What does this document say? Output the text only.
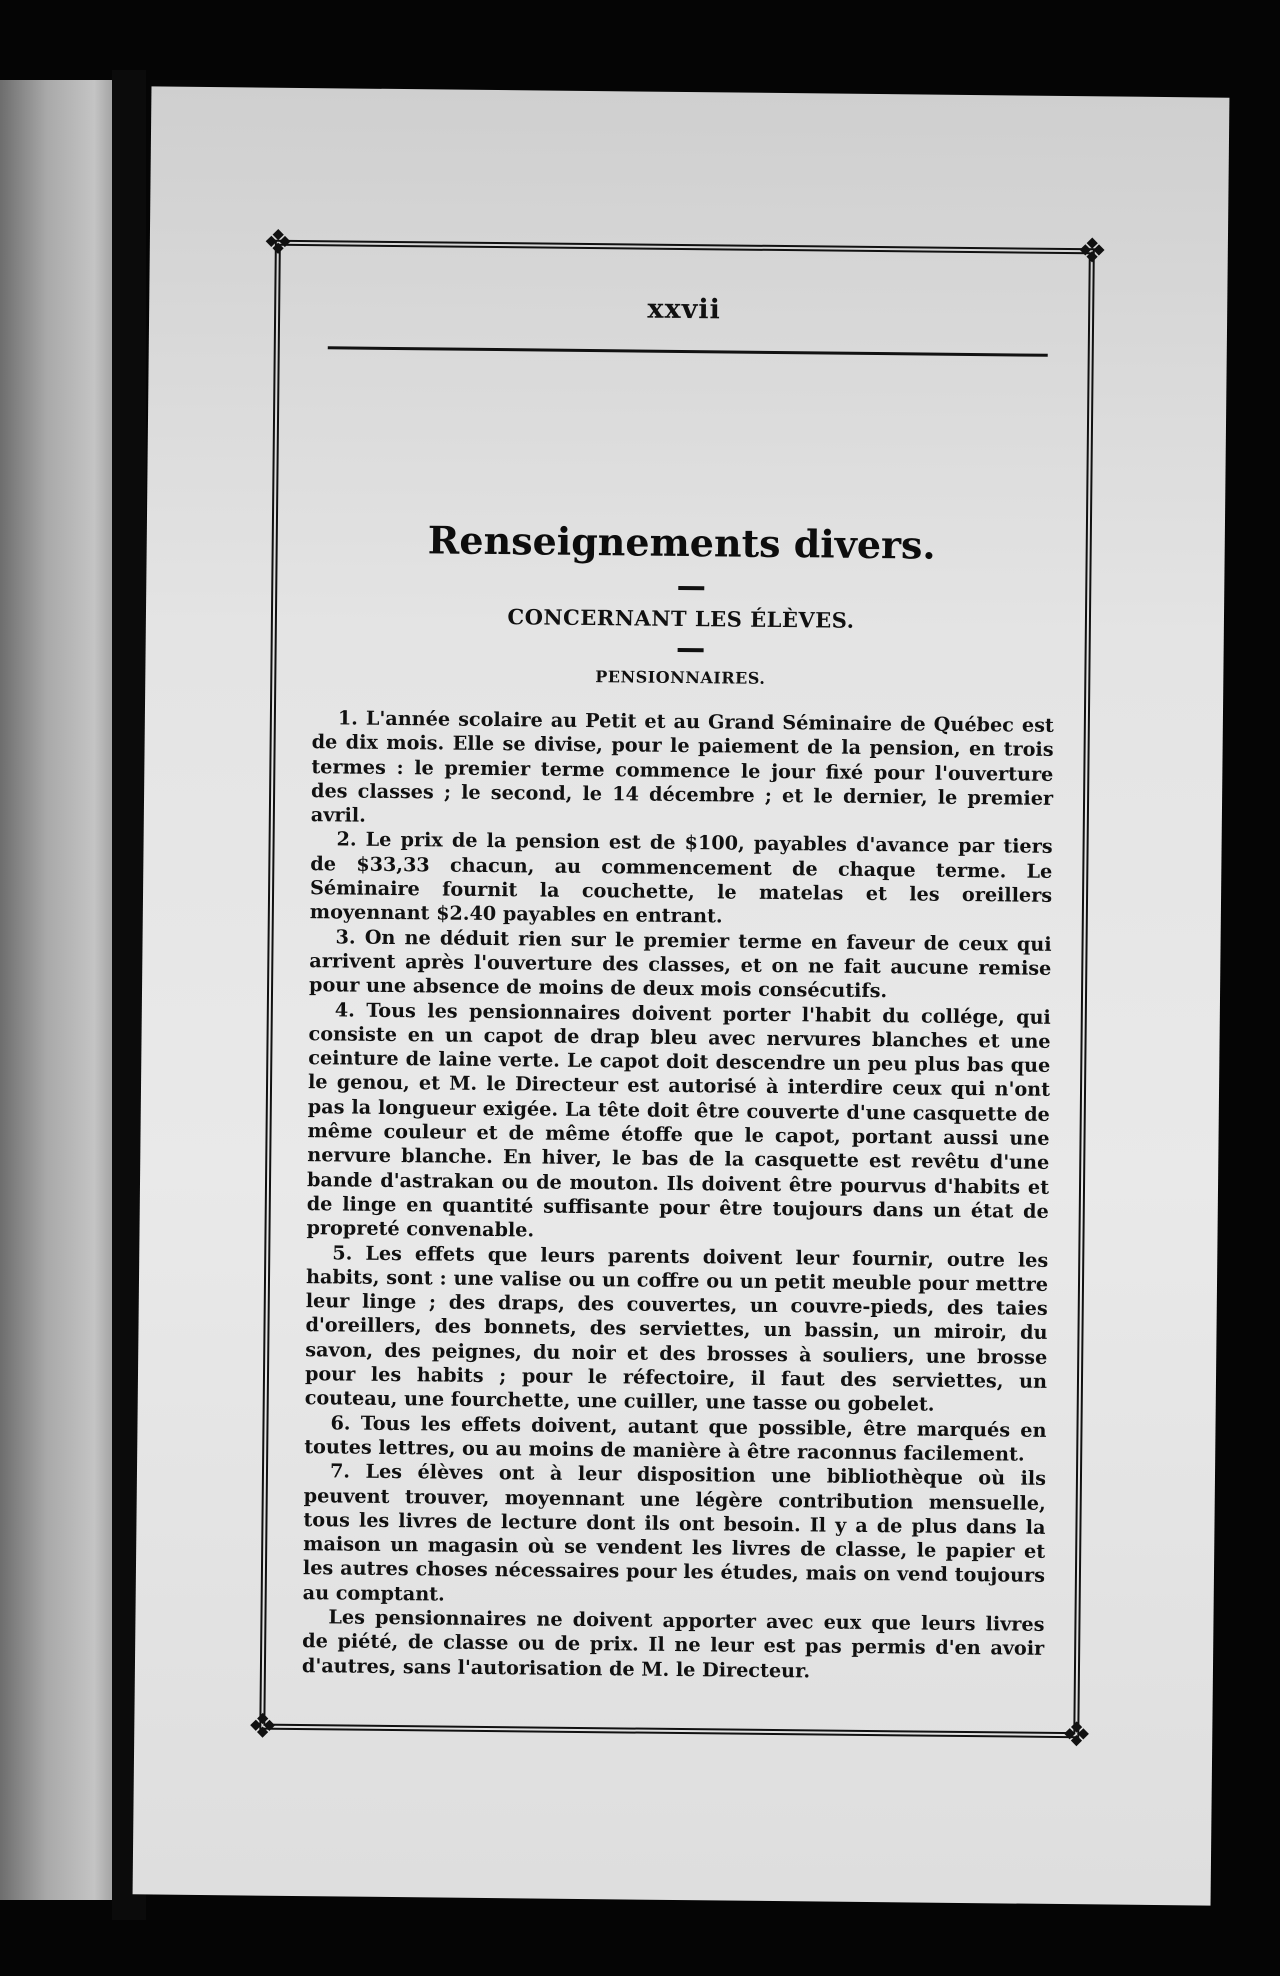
❖	❖
❖	❖
xxvii
Renseignements divers.
CONCERNANT LES ÉLÈVES.
PENSIONNAIRES.

1. L'année scolaire au Petit et au Grand Séminaire de Québec est de dix mois. Elle se divise, pour le paiement de la pension, en trois termes : le premier terme commence le jour fixé pour l'ouverture des classes ; le second, le 14 décembre ; et le dernier, le premier avril.

2. Le prix de la pension est de $100, payables d'avance par tiers de $33,33 chacun, au commencement de chaque terme. Le Séminaire fournit la couchette, le matelas et les oreillers moyennant $2.40 payables en entrant.

3. On ne déduit rien sur le premier terme en faveur de ceux qui arrivent après l'ouverture des classes, et on ne fait aucune remise pour une absence de moins de deux mois consécutifs.

4. Tous les pensionnaires doivent porter l'habit du collége, qui consiste en un capot de drap bleu avec nervures blanches et une ceinture de laine verte. Le capot doit descendre un peu plus bas que le genou, et M. le Directeur est autorisé à interdire ceux qui n'ont pas la longueur exigée. La tête doit être couverte d'une casquette de même couleur et de même étoffe que le capot, portant aussi une nervure blanche. En hiver, le bas de la casquette est revêtu d'une bande d'astrakan ou de mouton. Ils doivent être pourvus d'habits et de linge en quantité suffisante pour être toujours dans un état de propreté convenable.

5. Les effets que leurs parents doivent leur fournir, outre les habits, sont : une valise ou un coffre ou un petit meuble pour mettre leur linge ; des draps, des couvertes, un couvre-pieds, des taies d'oreillers, des bonnets, des serviettes, un bassin, un miroir, du savon, des peignes, du noir et des brosses à souliers, une brosse pour les habits ; pour le réfectoire, il faut des serviettes, un couteau, une fourchette, une cuiller, une tasse ou gobelet.

6. Tous les effets doivent, autant que possible, être marqués en toutes lettres, ou au moins de manière à être raconnus facilement.

7. Les élèves ont à leur disposition une bibliothèque où ils peuvent trouver, moyennant une légère contribution mensuelle, tous les livres de lecture dont ils ont besoin. Il y a de plus dans la maison un magasin où se vendent les livres de classe, le papier et les autres choses nécessaires pour les études, mais on vend toujours au comptant.

Les pensionnaires ne doivent apporter avec eux que leurs livres de piété, de classe ou de prix. Il ne leur est pas permis d'en avoir d'autres, sans l'autorisation de M. le Directeur.
